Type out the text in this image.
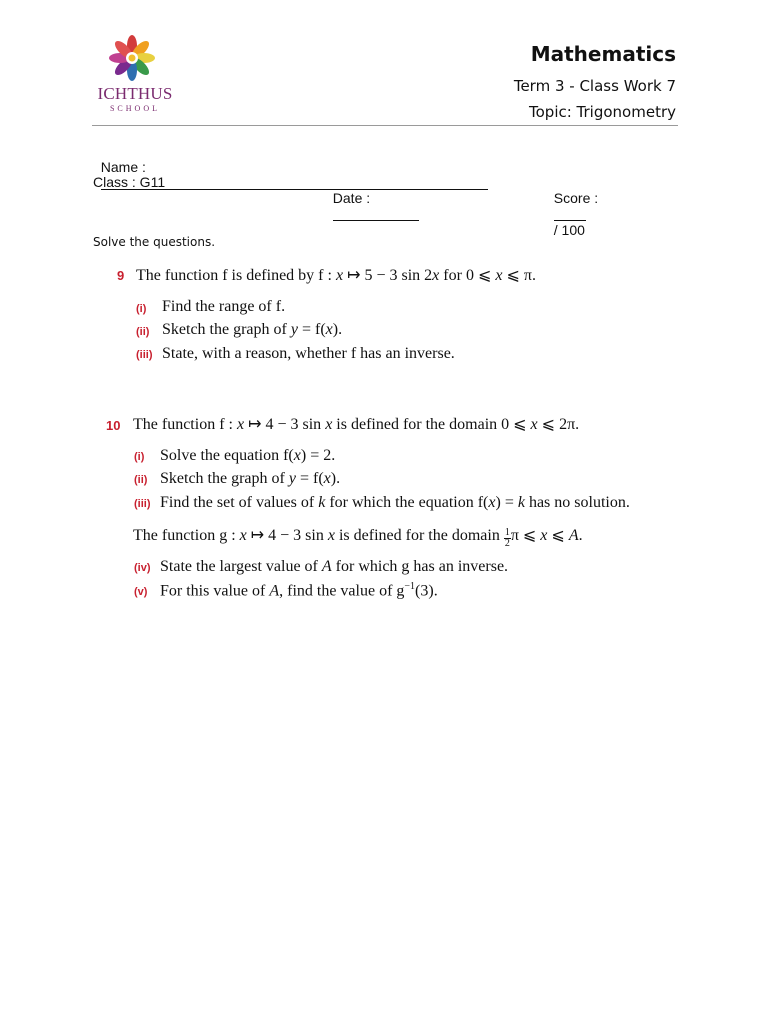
ICHTHUS
SCHOOL
Mathematics
Term 3 - Class Work 7
Topic: Trigonometry

Name :

Class : G11

Date :
	Score :

/ 100

Solve the questions.
9 The function f is defined by f : x ↦ 5 − 3 sin 2x for 0 ⩽ x ⩽ π.
(i) Find the range of f.
(ii) Sketch the graph of y = f(x).
(iii) State, with a reason, whether f has an inverse.
10 The function f : x ↦ 4 − 3 sin x is defined for the domain 0 ⩽ x ⩽ 2π.
(i) Solve the equation f(x) = 2.
(ii) Sketch the graph of y = f(x).
(iii) Find the set of values of k for which the equation f(x) = k has no solution.
The function g : x ↦ 4 − 3 sin x is defined for the domain $\frac{1}{2}$ π ⩽ x ⩽ A.
(iv) State the largest value of A for which g has an inverse.
(v) For this value of A, find the value of $g^{-1}(3)$.
